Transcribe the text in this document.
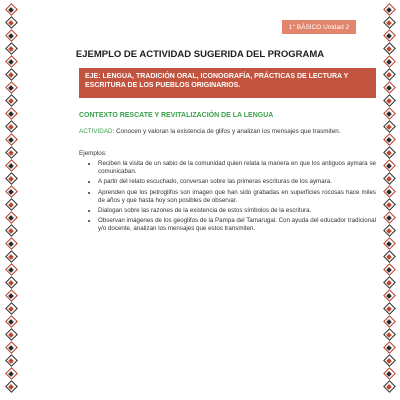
1° BÁSICO Unidad 2
EJEMPLO DE ACTIVIDAD SUGERIDA DEL PROGRAMA
EJE: LENGUA, TRADICIÓN ORAL, ICONOGRAFÍA, PRÁCTICAS DE LECTURA Y ESCRITURA DE LOS PUEBLOS ORIGINARIOS.
CONTEXTO RESCATE Y REVITALIZACIÓN DE LA LENGUA
ACTIVIDAD: Conocen y valoran la existencia de glifos y analizan los mensajes que trasmiten.
Ejemplos:
• Reciben la visita de un sabio de la comunidad quien relata la manera en que los antiguos aymara se comunicaban.
• A partir del relato escuchado, conversan sobre las primeras escrituras de los aymara.
• Aprenden que los petroglifos son imagen que han sido grabadas en superficies rocosas hace miles de años y que hasta hoy son posibles de observar.
• Dialogan sobre las razones de la existencia de estos símbolos de la escritura.
• Observan imágenes de los geoglifos de la Pampa del Tamarugal. Con ayuda del educador tradicional y/o docente, analizan los mensajes que estos transmiten.
